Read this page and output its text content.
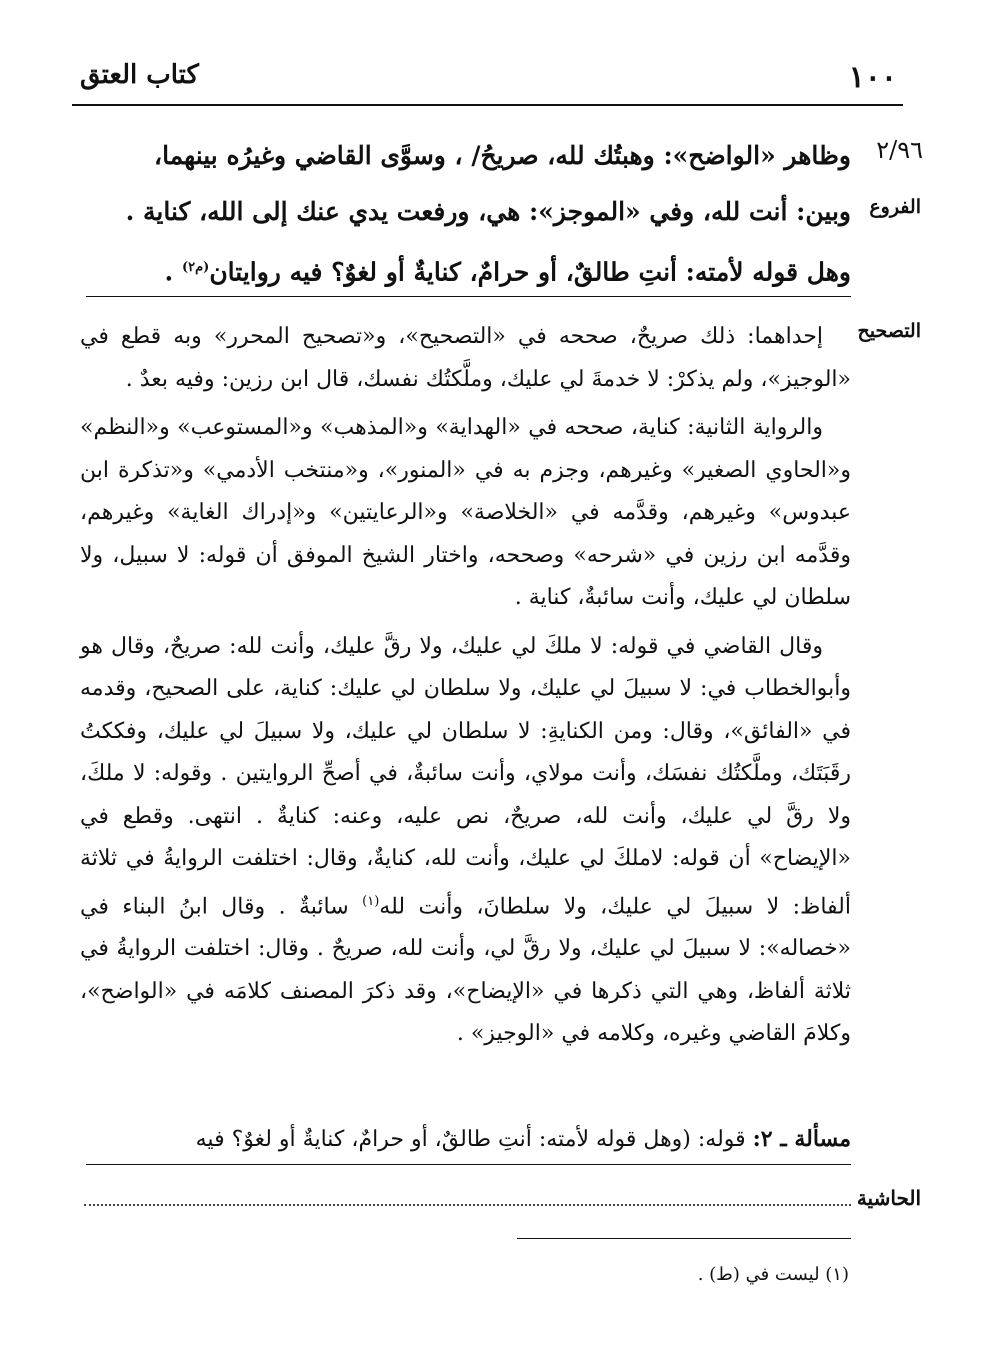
١٠٠
كتاب العتق
٢/٩٦
الفروع

وظاهر «الواضح»: وهبتُك لله، صريحُ/ ، وسوَّى القاضي وغيرُه بينهما،

وبين: أنت لله، وفي «الموجز»: هي، ورفعت يدي عنك إلى الله، كناية .

وهل قوله لأمته: أنتِ طالقٌ، أو حرامٌ، كنايةٌ أو لغوٌ؟ فيه روايتان$^{(م٢)}$ .

التصحيح

إحداهما: ذلك صريحٌ، صححه في «التصحيح»، و«تصحيح المحرر» وبه قطع في «الوجيز»، ولم يذكرْ: لا خدمةَ لي عليك، وملَّكتُك نفسك، قال ابن رزين: وفيه بعدٌ .

والرواية الثانية: كناية، صححه في «الهداية» و«المذهب» و«المستوعب» و«النظم» و«الحاوي الصغير» وغيرهم، وجزم به في «المنور»، و«منتخب الأدمي» و«تذكرة ابن عبدوس» وغيرهم، وقدَّمه في «الخلاصة» و«الرعايتين» و«إدراك الغاية» وغيرهم، وقدَّمه ابن رزين في «شرحه» وصححه، واختار الشيخ الموفق أن قوله: لا سبيل، ولا سلطان لي عليك، وأنت سائبةٌ، كناية .

وقال القاضي في قوله: لا ملكَ لي عليك، ولا رقَّ عليك، وأنت لله: صريحٌ، وقال هو وأبوالخطاب في: لا سبيلَ لي عليك، ولا سلطان لي عليك: كناية، على الصحيح، وقدمه في «الفائق»، وقال: ومن الكنايةِ: لا سلطان لي عليك، ولا سبيلَ لي عليك، وفككتُ رقَبَتَك، وملَّكتُك نفسَك، وأنت مولاي، وأنت سائبةٌ، في أصحِّ الروايتين . وقوله: لا ملكَ، ولا رقَّ لي عليك، وأنت لله، صريحٌ، نص عليه، وعنه: كنايةٌ . انتهى. وقطع في «الإيضاح» أن قوله: لاملكَ لي عليك، وأنت لله، كنايةٌ، وقال: اختلفت الروايةُ في ثلاثة ألفاظ: لا سبيلَ لي عليك، ولا سلطانَ، وأنت لله$^{(١)}$ سائبةٌ . وقال ابنُ البناء في «خصاله»: لا سبيلَ لي عليك، ولا رقَّ لي، وأنت لله، صريحٌ . وقال: اختلفت الروايةُ في ثلاثة ألفاظ، وهي التي ذكرها في «الإيضاح»، وقد ذكرَ المصنف كلامَه في «الواضح»، وكلامَ القاضي وغيره، وكلامه في «الوجيز» .

مسألة ـ ٢: قوله: (وهل قوله لأمته: أنتِ طالقٌ، أو حرامٌ، كنايةٌ أو لغوٌ؟ فيه
الحاشية
(١) ليست في (ط) .
